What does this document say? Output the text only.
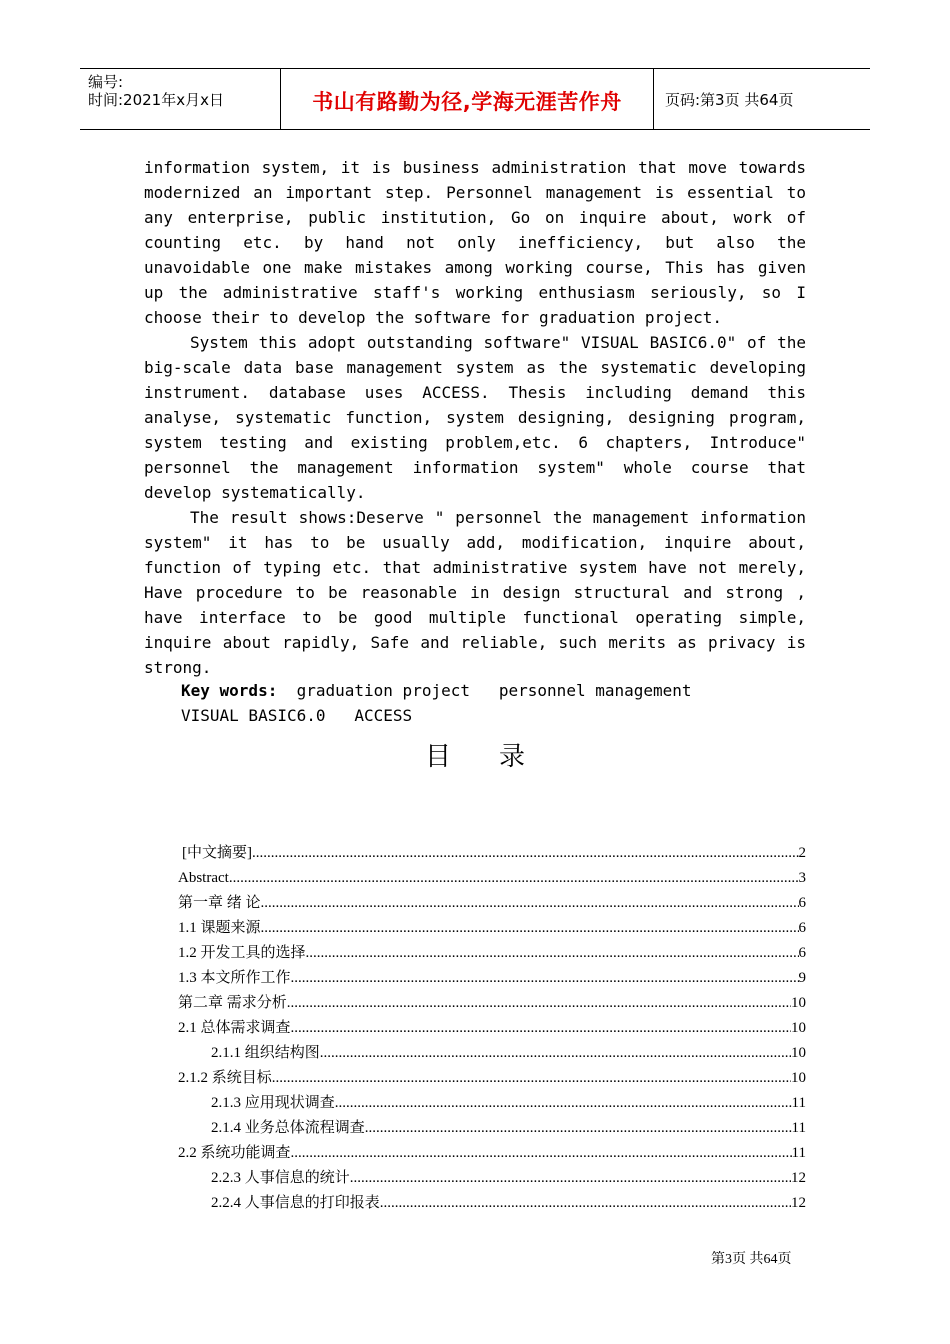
编号:
时间:2021年x月x日	书山有路勤为径,学海无涯苦作舟	页码:第3页 共64页

information system, it is business administration that move towards modernized an important step. Personnel management is essential to any enterprise, public institution, Go on inquire about, work of counting etc. by hand not only inefficiency, but also the unavoidable one make mistakes among working course, This has given up the administrative staff's working enthusiasm seriously, so I choose their to develop the software for graduation project.

System this adopt outstanding software" VISUAL BASIC6.0" of the big-scale data base management system as the systematic developing instrument. database uses ACCESS. Thesis including demand this analyse, systematic function, system designing, designing program, system testing and existing problem,etc. 6 chapters, Introduce" personnel the management information system" whole course that develop systematically.

The result shows:Deserve " personnel the management information system" it has to be usually add, modification, inquire about, function of typing etc. that administrative system have not merely, Have procedure to be reasonable in design structural and strong , have interface to be good multiple functional operating simple, inquire about rapidly, Safe and reliable, such merits as privacy is strong.

Key words:  graduation project   personnel management
VISUAL BASIC6.0   ACCESS
目录
[中文摘要] .....	2
Abstract .....	3
第一章 绪 论 .....	6
1.1 课题来源 .....	6
1.2 开发工具的选择 .....	6
1.3 本文所作工作 .....	9
第二章 需求分析 .....	10
2.1 总体需求调查 .....	10
2.1.1 组织结构图 .....	10
2.1.2 系统目标 .....	10
2.1.3 应用现状调查 .....	11
2.1.4 业务总体流程调查 .....	11
2.2 系统功能调查 .....	11
2.2.3 人事信息的统计 .....	12
2.2.4 人事信息的打印报表 .....	12
第3页 共64页
